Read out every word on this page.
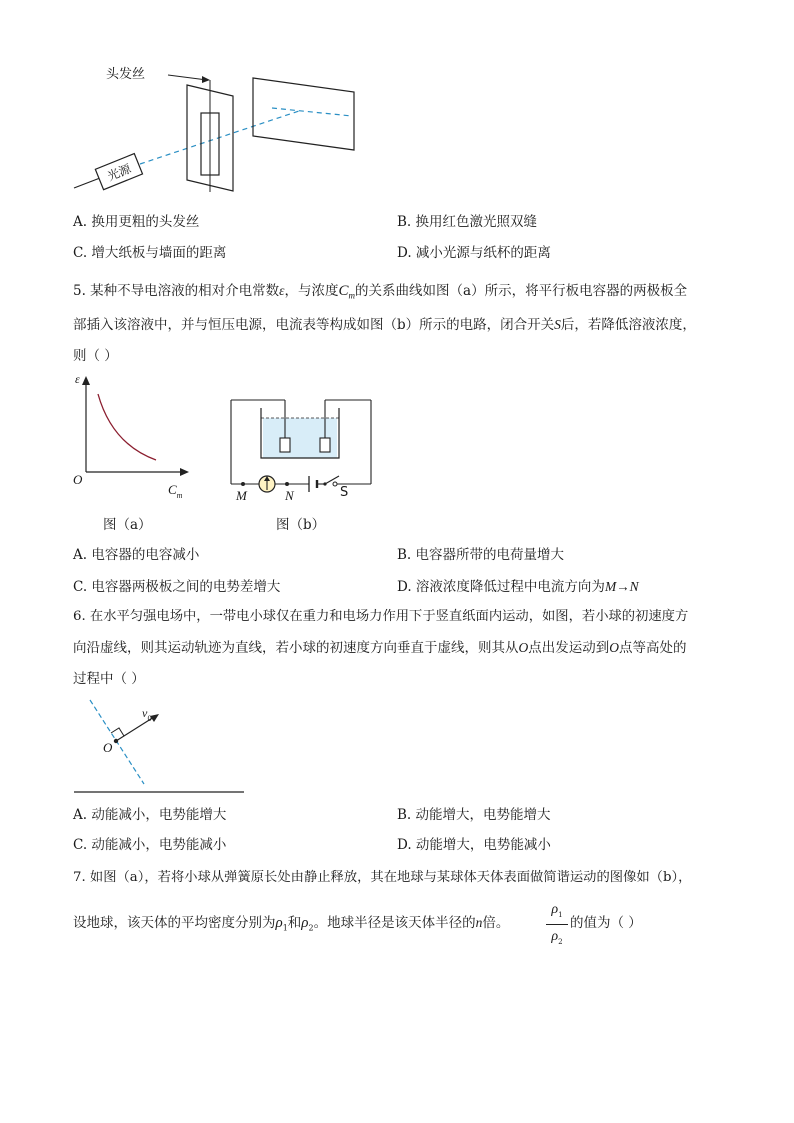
光源
头发丝
A. 换用更粗的头发丝	B. 换用红色激光照双缝
C. 增大纸板与墙面的距离	D. 减小光源与纸杯的距离
5. 某种不导电溶液的相对介电常数ε，与浓度$C_m$的关系曲线如图（a）所示，将平行板电容器的两极板全
部插入该溶液中，并与恒压电源，电流表等构成如图（b）所示的电路，闭合开关S后，若降低溶液浓度，
则（ ）
ε
O
$C_m$
图（a）
M	N	S
图（b）
A. 电容器的电容减小	B. 电容器所带的电荷量增大
C. 电容器两极板之间的电势差增大	D. 溶液浓度降低过程中电流方向为M→N
6. 在水平匀强电场中，一带电小球仅在重力和电场力作用下于竖直纸面内运动，如图，若小球的初速度方
向沿虚线，则其运动轨迹为直线，若小球的初速度方向垂直于虚线，则其从O点出发运动到O点等高处的
过程中（ ）
$v_0$
O
A. 动能减小，电势能增大	B. 动能增大，电势能增大
C. 动能减小，电势能减小	D. 动能增大，电势能减小
7. 如图（a），若将小球从弹簧原长处由静止释放，其在地球与某球体天体表面做简谐运动的图像如（b），
设地球，该天体的平均密度分别为$\rho_1$和$\rho_2$。地球半径是该天体半径的n倍。
$\rho_1$
$\rho_2$
的值为（ ）
